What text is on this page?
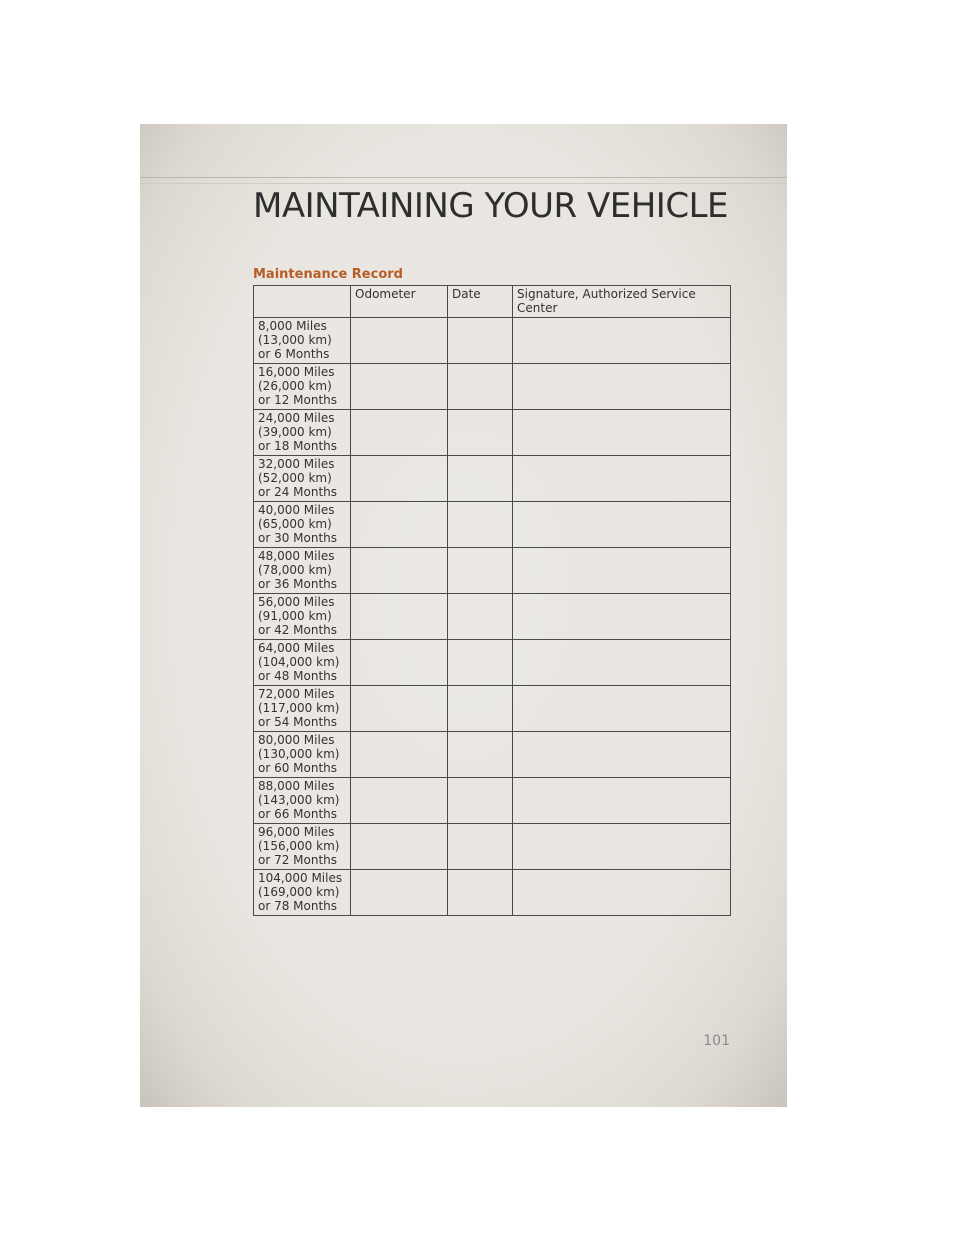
MAINTAINING YOUR VEHICLE
Maintenance Record
	Odometer	Date	Signature, Authorized Service Center

8,000 Miles
(13,000 km)
or 6 Months			

16,000 Miles
(26,000 km)
or 12 Months			

24,000 Miles
(39,000 km)
or 18 Months			

32,000 Miles
(52,000 km)
or 24 Months			

40,000 Miles
(65,000 km)
or 30 Months			

48,000 Miles
(78,000 km)
or 36 Months			

56,000 Miles
(91,000 km)
or 42 Months			

64,000 Miles
(104,000 km)
or 48 Months			

72,000 Miles
(117,000 km)
or 54 Months			

80,000 Miles
(130,000 km)
or 60 Months			

88,000 Miles
(143,000 km)
or 66 Months			

96,000 Miles
(156,000 km)
or 72 Months			

104,000 Miles
(169,000 km)
or 78 Months			

101
